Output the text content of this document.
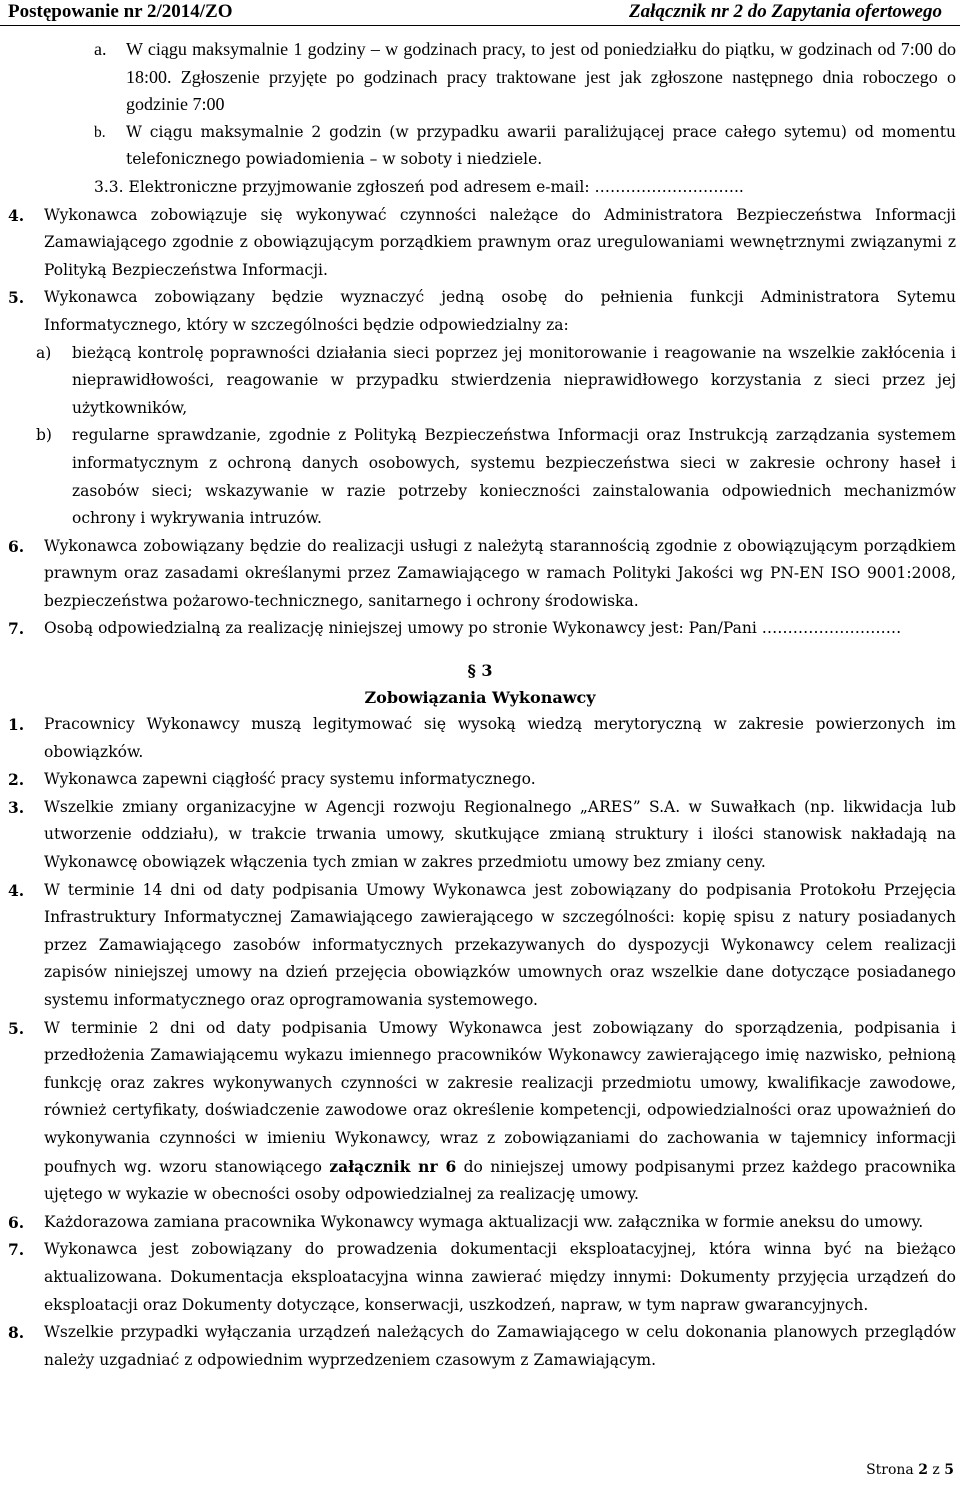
Postępowanie nr 2/2014/ZO	Załącznik nr 2 do Zapytania ofertowego
a. W ciągu maksymalnie 1 godziny – w godzinach pracy, to jest od poniedziałku do piątku, w godzinach od 7:00 do 18:00. Zgłoszenie przyjęte po godzinach pracy traktowane jest jak zgłoszone następnego dnia roboczego o godzinie 7:00
b. W ciągu maksymalnie 2 godzin (w przypadku awarii paraliżującej prace całego sytemu) od momentu telefonicznego powiadomienia – w soboty i niedziele.
3.3. Elektroniczne przyjmowanie zgłoszeń pod adresem e-mail: ………………………..
4. Wykonawca zobowiązuje się wykonywać czynności należące do Administratora Bezpieczeństwa Informacji Zamawiającego zgodnie z obowiązującym porządkiem prawnym oraz uregulowaniami wewnętrznymi związanymi z Polityką Bezpieczeństwa Informacji.
5. Wykonawca zobowiązany będzie wyznaczyć jedną osobę do pełnienia funkcji Administratora Sytemu Informatycznego, który w szczególności będzie odpowiedzialny za:
a) bieżącą kontrolę poprawności działania sieci poprzez jej monitorowanie i reagowanie na wszelkie zakłócenia i nieprawidłowości, reagowanie w przypadku stwierdzenia nieprawidłowego korzystania z sieci przez jej użytkowników,
b) regularne sprawdzanie, zgodnie z Polityką Bezpieczeństwa Informacji oraz Instrukcją zarządzania systemem informatycznym z ochroną danych osobowych, systemu bezpieczeństwa sieci w zakresie ochrony haseł i zasobów sieci; wskazywanie w razie potrzeby konieczności zainstalowania odpowiednich mechanizmów ochrony i wykrywania intruzów.
6. Wykonawca zobowiązany będzie do realizacji usługi z należytą starannością zgodnie z obowiązującym porządkiem prawnym oraz zasadami określanymi przez Zamawiającego w ramach Polityki Jakości wg PN-EN ISO 9001:2008, bezpieczeństwa pożarowo-technicznego, sanitarnego i ochrony środowiska.
7. Osobą odpowiedzialną za realizację niniejszej umowy po stronie Wykonawcy jest: Pan/Pani ………………………
§ 3
Zobowiązania Wykonawcy
1. Pracownicy Wykonawcy muszą legitymować się wysoką wiedzą merytoryczną w zakresie powierzonych im obowiązków.
2. Wykonawca zapewni ciągłość pracy systemu informatycznego.
3. Wszelkie zmiany organizacyjne w Agencji rozwoju Regionalnego „ARES” S.A. w Suwałkach (np. likwidacja lub utworzenie oddziału), w trakcie trwania umowy, skutkujące zmianą struktury i ilości stanowisk nakładają na Wykonawcę obowiązek włączenia tych zmian w zakres przedmiotu umowy bez zmiany ceny.
4. W terminie 14 dni od daty podpisania Umowy Wykonawca jest zobowiązany do podpisania Protokołu Przejęcia Infrastruktury Informatycznej Zamawiającego zawierającego w szczególności: kopię spisu z natury posiadanych przez Zamawiającego zasobów informatycznych przekazywanych do dyspozycji Wykonawcy celem realizacji zapisów niniejszej umowy na dzień przejęcia obowiązków umownych oraz wszelkie dane dotyczące posiadanego systemu informatycznego oraz oprogramowania systemowego.
5. W terminie 2 dni od daty podpisania Umowy Wykonawca jest zobowiązany do sporządzenia, podpisania i przedłożenia Zamawiającemu wykazu imiennego pracowników Wykonawcy zawierającego imię nazwisko, pełnioną funkcję oraz zakres wykonywanych czynności w zakresie realizacji przedmiotu umowy, kwalifikacje zawodowe, również certyfikaty, doświadczenie zawodowe oraz określenie kompetencji, odpowiedzialności oraz upoważnień do wykonywania czynności w imieniu Wykonawcy, wraz z zobowiązaniami do zachowania w tajemnicy informacji poufnych wg. wzoru stanowiącego załącznik nr 6 do niniejszej umowy podpisanymi przez każdego pracownika ujętego w wykazie w obecności osoby odpowiedzialnej za realizację umowy.
6. Każdorazowa zamiana pracownika Wykonawcy wymaga aktualizacji ww. załącznika w formie aneksu do umowy.
7. Wykonawca jest zobowiązany do prowadzenia dokumentacji eksploatacyjnej, która winna być na bieżąco aktualizowana. Dokumentacja eksploatacyjna winna zawierać między innymi: Dokumenty przyjęcia urządzeń do eksploatacji oraz Dokumenty dotyczące, konserwacji, uszkodzeń, napraw, w tym napraw gwarancyjnych.
8. Wszelkie przypadki wyłączania urządzeń należących do Zamawiającego w celu dokonania planowych przeglądów należy uzgadniać z odpowiednim wyprzedzeniem czasowym z Zamawiającym.
Strona 2 z 5
